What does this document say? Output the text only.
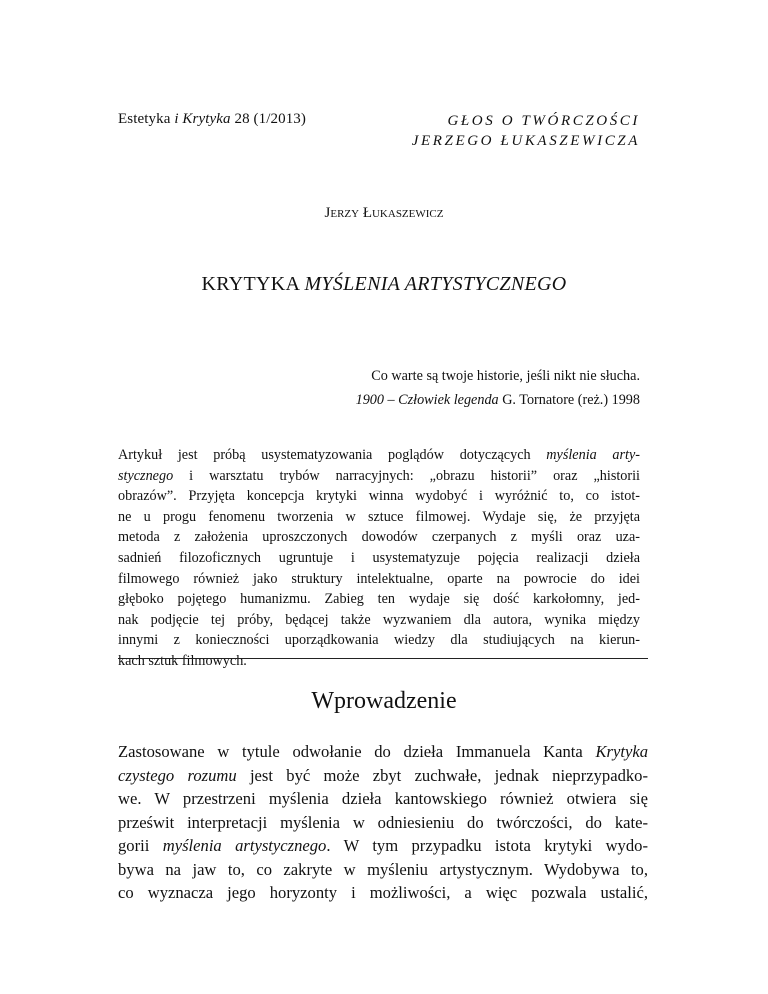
Estetyka i Krytyka 28 (1/2013)	GŁOS O TWÓRCZOŚCI
JERZEGO ŁUKASZEWICZA
Jerzy Łukaszewicz
KRYTYKA MYŚLENIA ARTYSTYCZNEGO
Co warte są twoje historie, jeśli nikt nie słucha.
1900 – Człowiek legenda G. Tornatore (reż.) 1998
Artykuł jest próbą usystematyzowania poglądów dotyczących myślenia arty-
stycznego i warsztatu trybów narracyjnych: „obrazu historii” oraz „historii
obrazów”. Przyjęta koncepcja krytyki winna wydobyć i wyróżnić to, co istot-
ne u progu fenomenu tworzenia w sztuce filmowej. Wydaje się, że przyjęta
metoda z założenia uproszczonych dowodów czerpanych z myśli oraz uza-
sadnień filozoficznych ugruntuje i usystematyzuje pojęcia realizacji dzieła
filmowego również jako struktury intelektualne, oparte na powrocie do idei
głęboko pojętego humanizmu. Zabieg ten wydaje się dość karkołomny, jed-
nak podjęcie tej próby, będącej także wyzwaniem dla autora, wynika między
innymi z konieczności uporządkowania wiedzy dla studiujących na kierun-
kach sztuk filmowych.
Wprowadzenie
Zastosowane w tytule odwołanie do dzieła Immanuela Kanta Krytyka
czystego rozumu jest być może zbyt zuchwałe, jednak nieprzypadko-
we. W przestrzeni myślenia dzieła kantowskiego również otwiera się
prześwit interpretacji myślenia w odniesieniu do twórczości, do kate-
gorii myślenia artystycznego. W tym przypadku istota krytyki wydo-
bywa na jaw to, co zakryte w myśleniu artystycznym. Wydobywa to,
co wyznacza jego horyzonty i możliwości, a więc pozwala ustalić,
